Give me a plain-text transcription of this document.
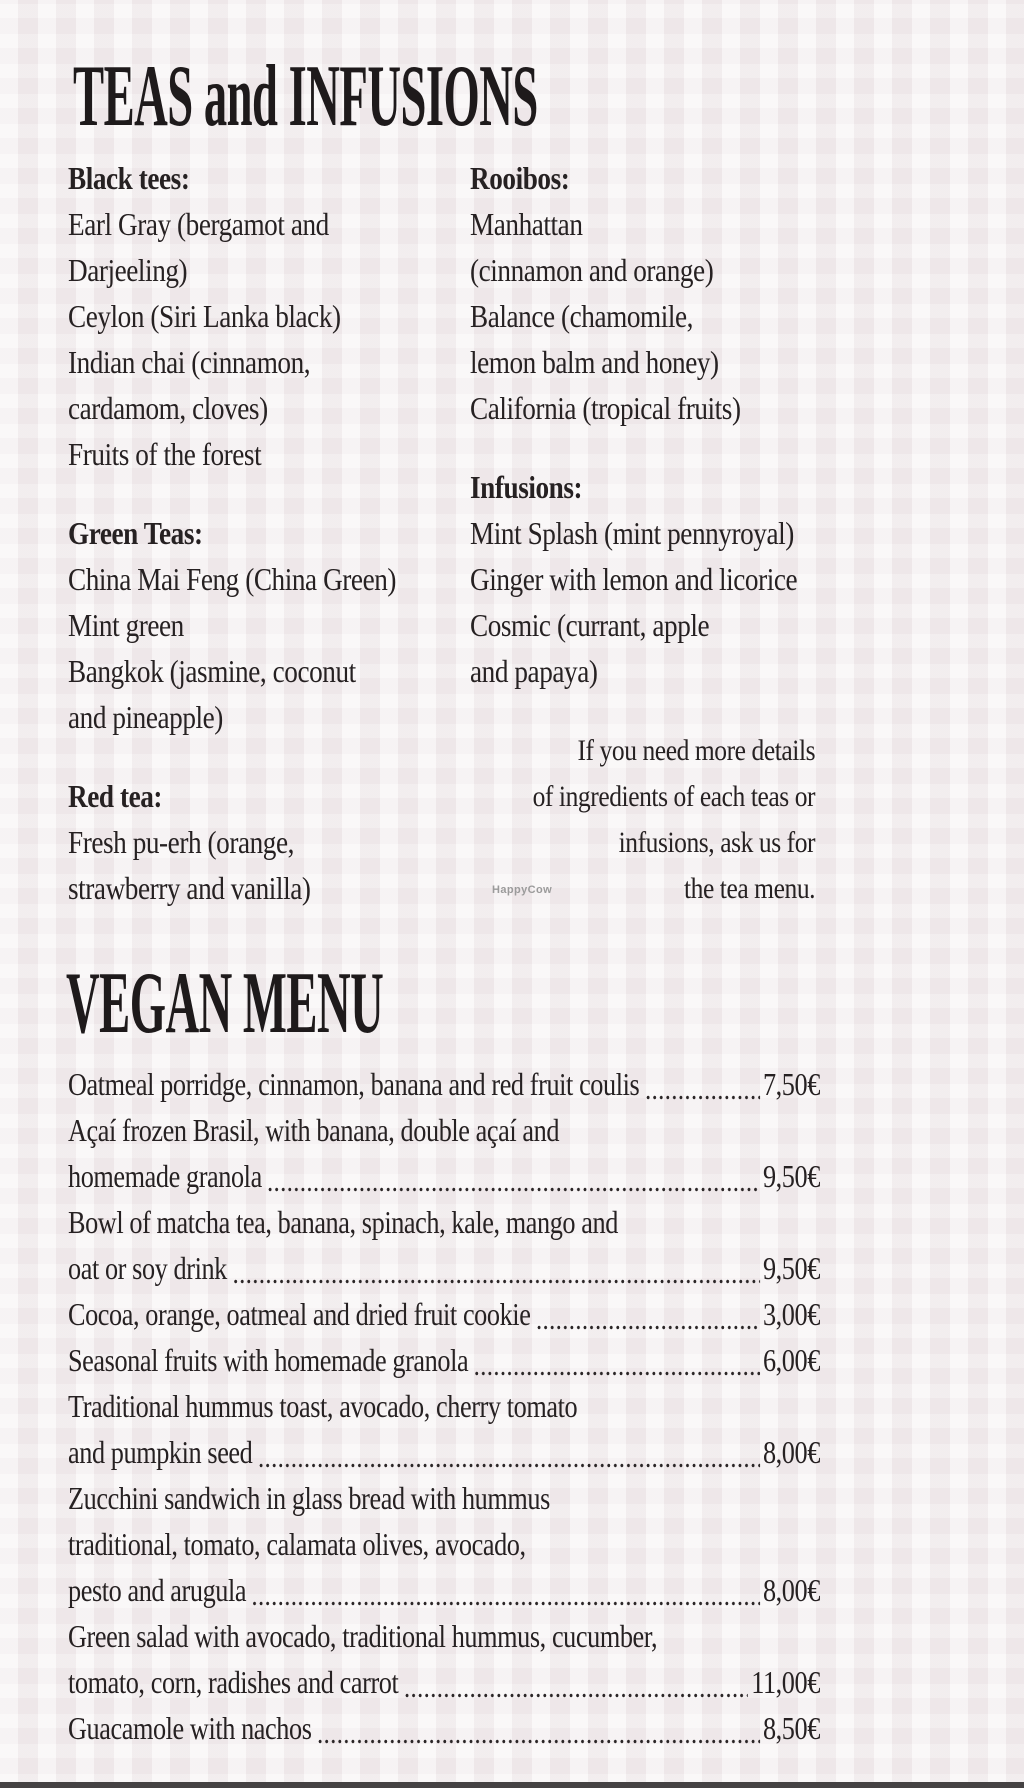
TEAS and INFUSIONS
Black tees:
Earl Gray (bergamot and
Darjeeling)
Ceylon (Siri Lanka black)
Indian chai (cinnamon,
cardamom, cloves)
Fruits of the forest
Green Teas:
China Mai Feng (China Green)
Mint green
Bangkok (jasmine, coconut
and pineapple)
Red tea:
Fresh pu-erh (orange,
strawberry and vanilla)
Rooibos:
Manhattan
(cinnamon and orange)
Balance (chamomile,
lemon balm and honey)
California (tropical fruits)
Infusions:
Mint Splash (mint pennyroyal)
Ginger with lemon and licorice
Cosmic (currant, apple
and papaya)
If you need more details
of ingredients of each teas or
infusions, ask us for
the tea menu.
HappyCow
VEGAN MENU
Oatmeal porridge, cinnamon, banana and red fruit coulis	7,50€
Açaí frozen Brasil, with banana, double açaí and
homemade granola	9,50€
Bowl of matcha tea, banana, spinach, kale, mango and
oat or soy drink	9,50€
Cocoa, orange, oatmeal and dried fruit cookie	3,00€
Seasonal fruits with homemade granola	6,00€
Traditional hummus toast, avocado, cherry tomato
and pumpkin seed	8,00€
Zucchini sandwich in glass bread with hummus
traditional, tomato, calamata olives, avocado,
pesto and arugula	8,00€
Green salad with avocado, traditional hummus, cucumber,
tomato, corn, radishes and carrot	11,00€
Guacamole with nachos	8,50€
